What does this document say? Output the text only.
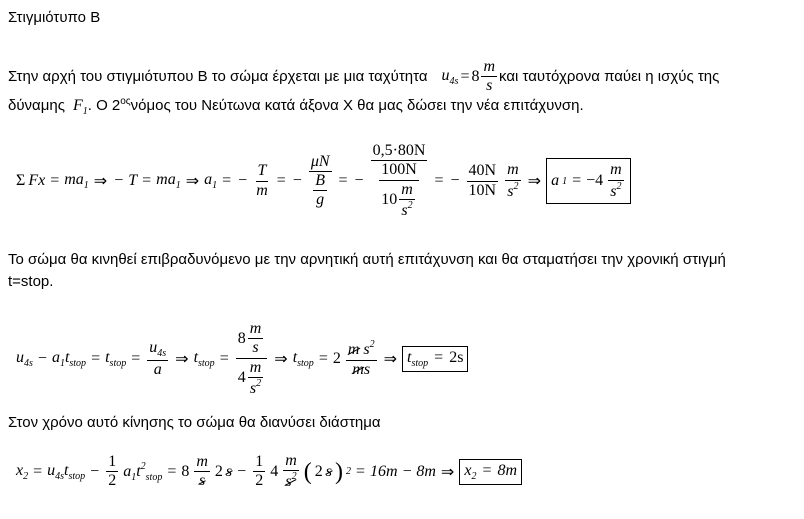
Στιγμιότυπο Β
Στην αρχή του στιγμιότυπου Β το σώμα έρχεται με μια ταχύτητα $u_{4s} = 8 \frac{m}{s}$ και ταυτόχρονα παύει η ισχύς της
δύναμης $F_1$ . Ο 2 ος νόμος του Νεύτωνα κατά άξονα Χ θα μας δώσει την νέα επιτάχυνση.
Σ $Fx = ma_1$ ⇒ − $T = ma_1$ ⇒ $a_1$ = − $\frac{T}{m}$ = − $\frac{\mu N}{\frac{B}{g}}$ = − $\frac{0,5\cdot 80N}{\frac{100N}{10 \frac{m}{s^2}}}$ = − $\frac{40N}{10N} \frac{m}{s^2}$ ⇒ a $1 = -4 \frac{m}{s^2}$
Το σώμα θα κινηθεί επιβραδυνόμενο με την αρνητική αυτή επιτάχυνση και θα σταματήσει την χρονική στιγμή
t=stop.
$u_{4s} - a_1t_{stop} = t_{stop} = \frac{u_{4s}}{a}$ ⇒ $t_{stop} = \frac{8 \frac{m}{s}}{4 \frac{m}{s^2}}$ ⇒ $t_{stop} = 2 \frac{m s^2}{ms}$ ⇒ $t_{stop} = 2s$
Στον χρόνο αυτό κίνησης το σώμα θα διανύσει διάστημα
$x_2 = u_{4s}t_{stop} - \frac{1}{2} a_1t^2_{stop} = 8 \frac{m}{s} 2$ $s - \frac{1}{2} 4 \frac{m}{s^2}$ ( 2 s ) 2 = 16m − 8m ⇒ $x_2 = 8m$
